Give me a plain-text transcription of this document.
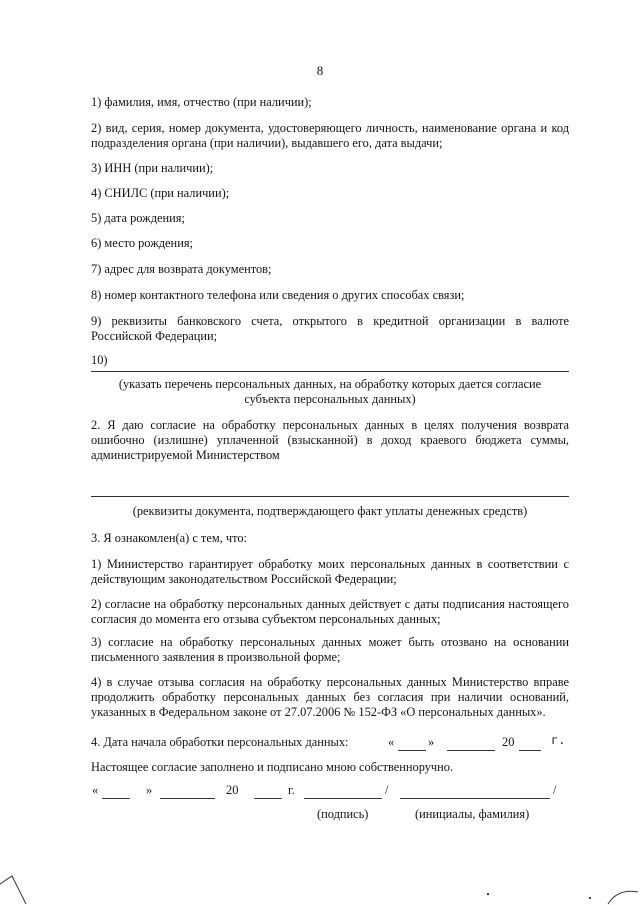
8
1) фамилия, имя, отчество (при наличии);
2) вид, серия, номер документа, удостоверяющего личность, наименование органа и код подразделения органа (при наличии), выдавшего его, дата выдачи;
3) ИНН (при наличии);
4) СНИЛС (при наличии);
5) дата рождения;
6) место рождения;
7) адрес для возврата документов;
8) номер контактного телефона или сведения о других способах связи;
9) реквизиты банковского счета, открытого в кредитной организации в валюте Российской Федерации;
10)
(указать перечень персональных данных, на обработку которых дается согласие субъекта персональных данных)
2. Я даю согласие на обработку персональных данных в целях получения возврата ошибочно (излишне) уплаченной (взысканной) в доход краевого бюджета суммы, администрируемой Министерством
(реквизиты документа, подтверждающего факт уплаты денежных средств)
3. Я ознакомлен(а) с тем, что:
1) Министерство гарантирует обработку моих персональных данных в соответствии с действующим законодательством Российской Федерации;
2) согласие на обработку персональных данных действует с даты подписания настоящего согласия до момента его отзыва субъектом персональных данных;
3) согласие на обработку персональных данных может быть отозвано на основании письменного заявления в произвольной форме;
4) в случае отзыва согласия на обработку персональных данных Министерство вправе продолжить обработку персональных данных без согласия при наличии оснований, указанных в Федеральном законе от 27.07.2006 № 152-ФЗ «О персональных данных».
4. Дата начала обработки персональных данных:	«	»	20	г.
Настоящее согласие заполнено и подписано мною собственноручно.
«	»	20	г.	/	/
(подпись)	(инициалы, фамилия)
